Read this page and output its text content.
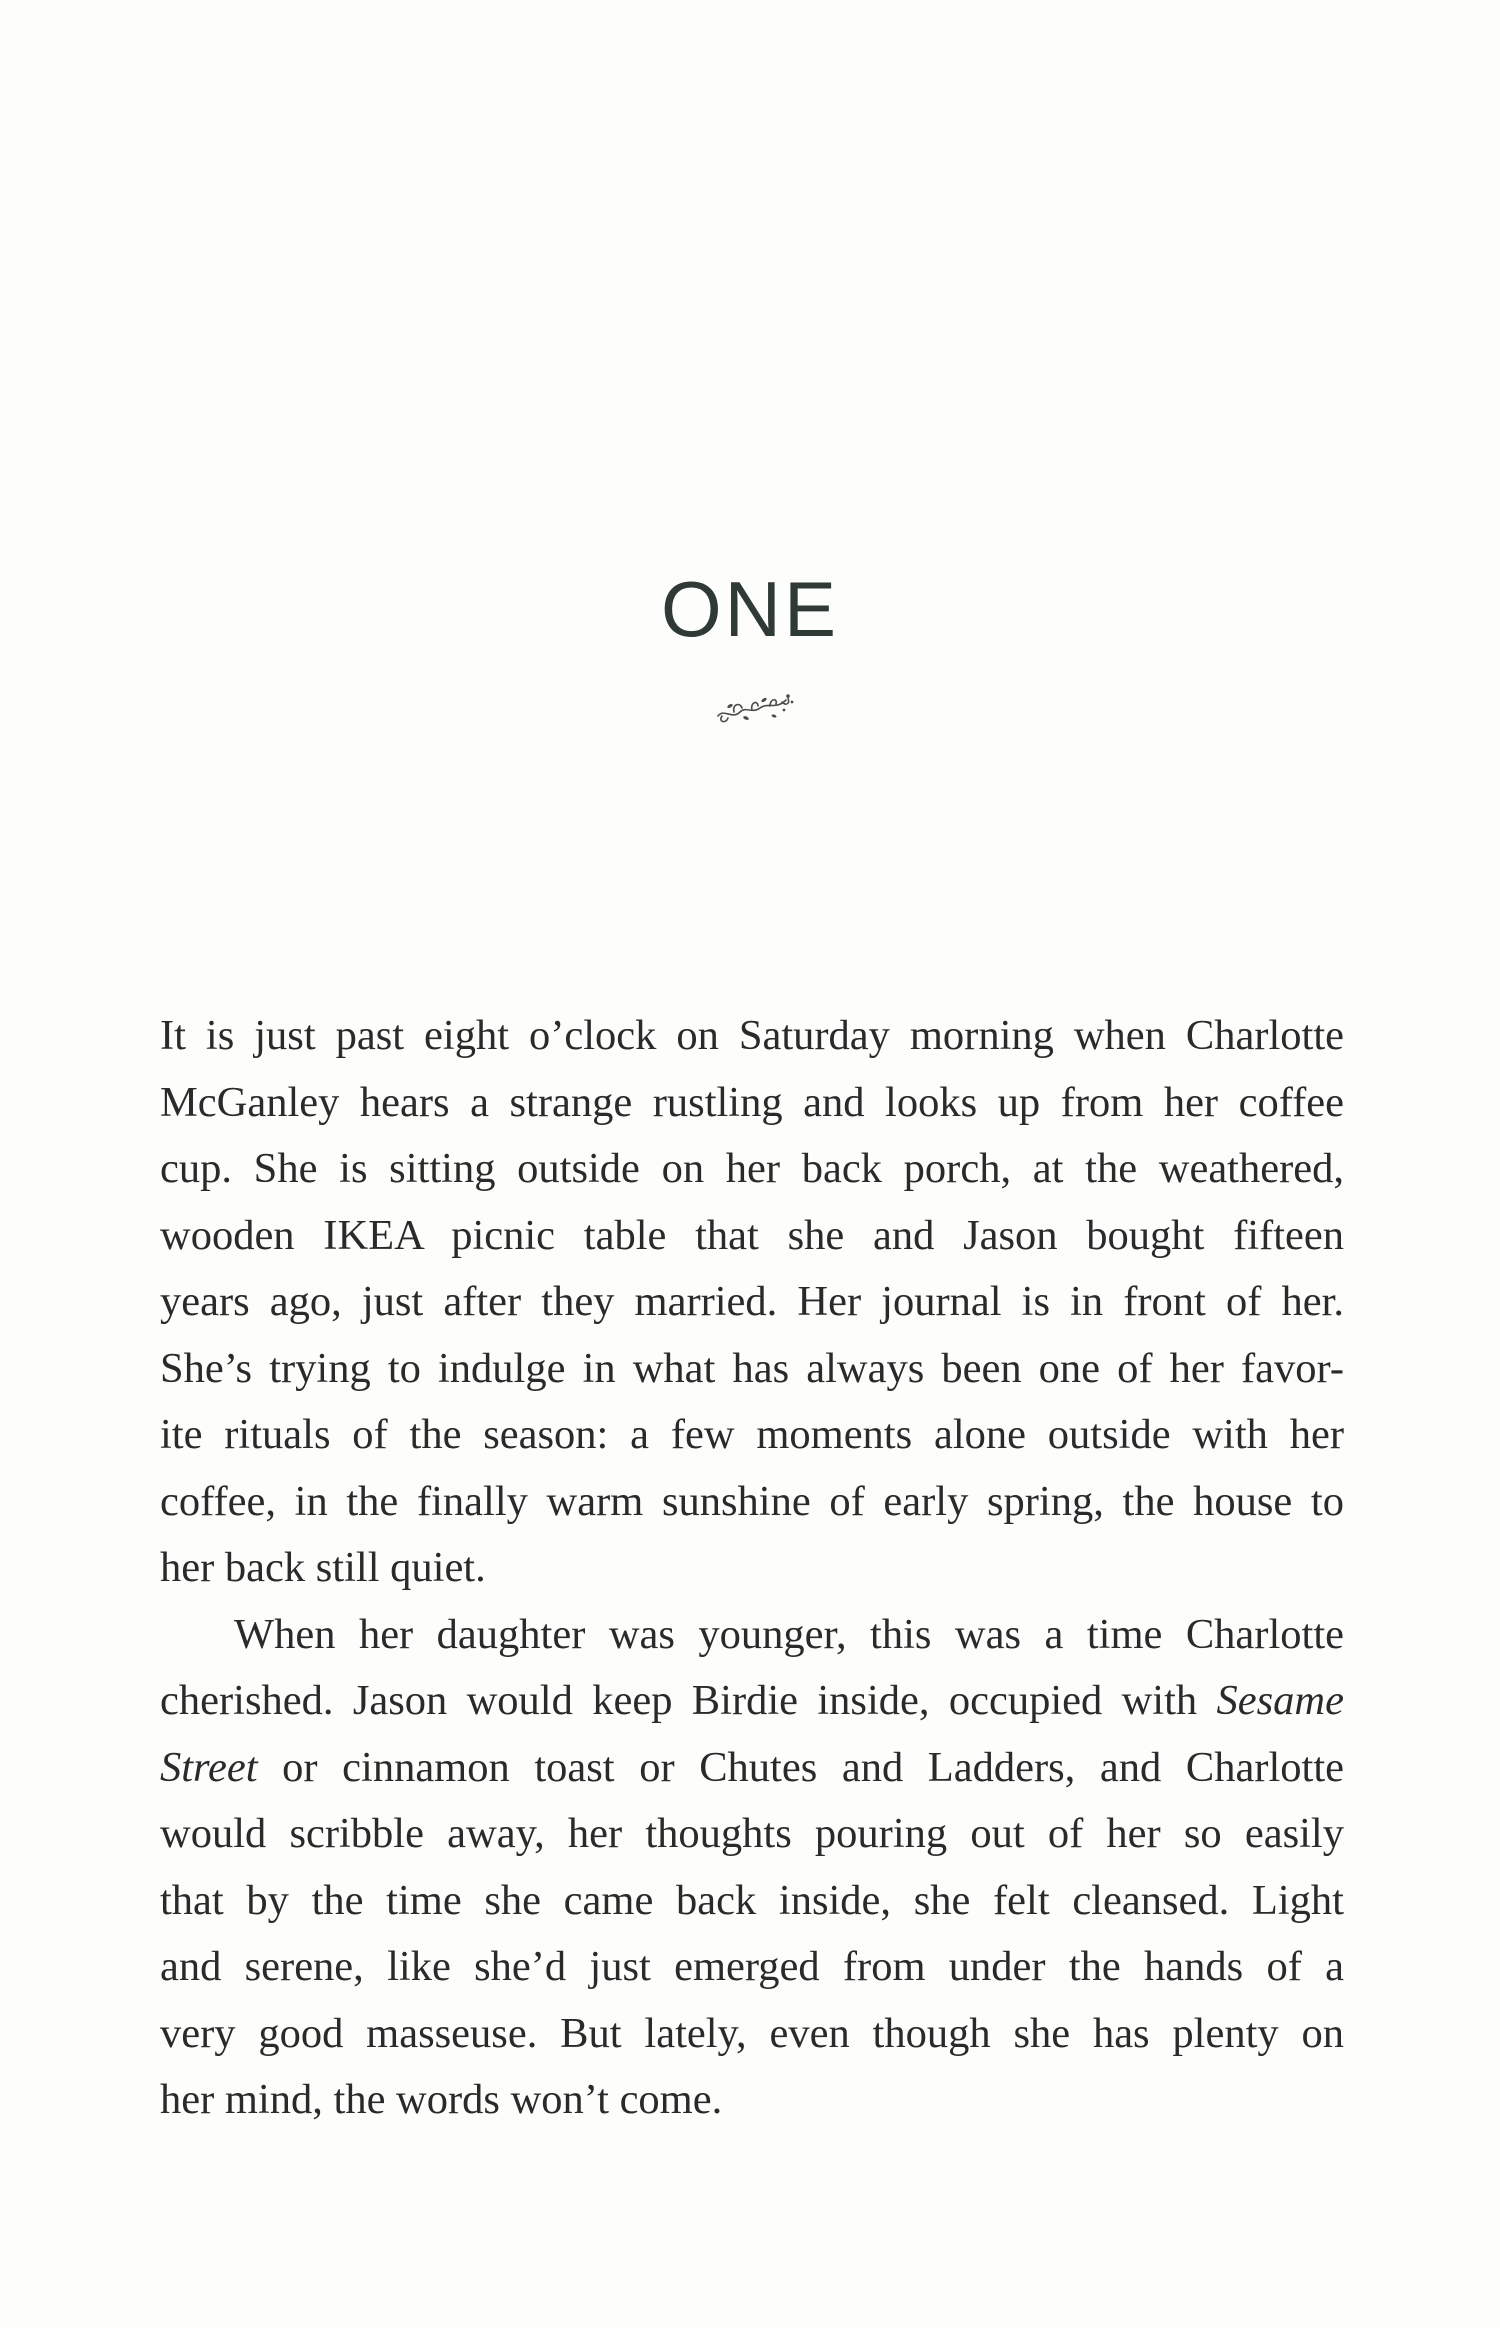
ONE

It is just past eight o’clock on Saturday morning when Charlotte
McGanley hears a strange rustling and looks up from her coffee
cup. She is sitting outside on her back porch, at the weathered,
wooden IKEA picnic table that she and Jason bought fifteen
years ago, just after they married. Her journal is in front of her.
She’s trying to indulge in what has always been one of her favor-
ite rituals of the season: a few moments alone outside with her
coffee, in the finally warm sunshine of early spring, the house to
her back still quiet.

When her daughter was younger, this was a time Charlotte
cherished. Jason would keep Birdie inside, occupied with Sesame
Street or cinnamon toast or Chutes and Ladders, and Charlotte
would scribble away, her thoughts pouring out of her so easily
that by the time she came back inside, she felt cleansed. Light
and serene, like she’d just emerged from under the hands of a
very good masseuse. But lately, even though she has plenty on
her mind, the words won’t come.
